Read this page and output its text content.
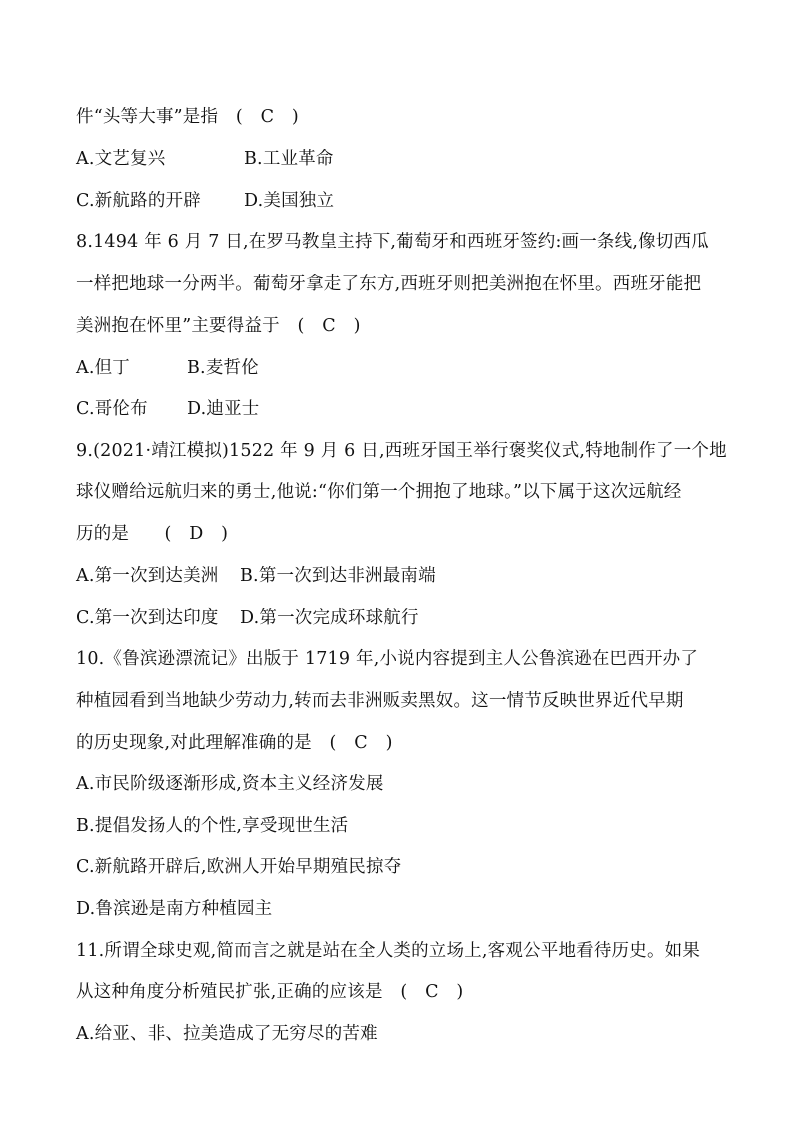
件“头等大事”是指　(　C　)
A.文艺复兴	B.工业革命
C.新航路的开辟 D.美国独立
8.1494 年 6 月 7 日,在罗马教皇主持下,葡萄牙和西班牙签约:画一条线,像切西瓜
一样把地球一分两半。葡萄牙拿走了东方,西班牙则把美洲抱在怀里。西班牙能把
美洲抱在怀里”主要得益于　(　C　)
A.但丁	B.麦哲伦
C.哥伦布 D.迪亚士
9.(2021·靖江模拟)1522 年 9 月 6 日,西班牙国王举行褒奖仪式,特地制作了一个地
球仪赠给远航归来的勇士,他说:“你们第一个拥抱了地球。”以下属于这次远航经
历的是　　(　D　)
A.第一次到达美洲 B.第一次到达非洲最南端
C.第一次到达印度 D.第一次完成环球航行
10.《鲁滨逊漂流记》出版于 1719 年,小说内容提到主人公鲁滨逊在巴西开办了
种植园看到当地缺少劳动力,转而去非洲贩卖黑奴。这一情节反映世界近代早期
的历史现象,对此理解准确的是　(　C　)
A.市民阶级逐渐形成,资本主义经济发展
B.提倡发扬人的个性,享受现世生活
C.新航路开辟后,欧洲人开始早期殖民掠夺
D.鲁滨逊是南方种植园主
11.所谓全球史观,简而言之就是站在全人类的立场上,客观公平地看待历史。如果
从这种角度分析殖民扩张,正确的应该是　(　C　)
A.给亚、非、拉美造成了无穷尽的苦难
